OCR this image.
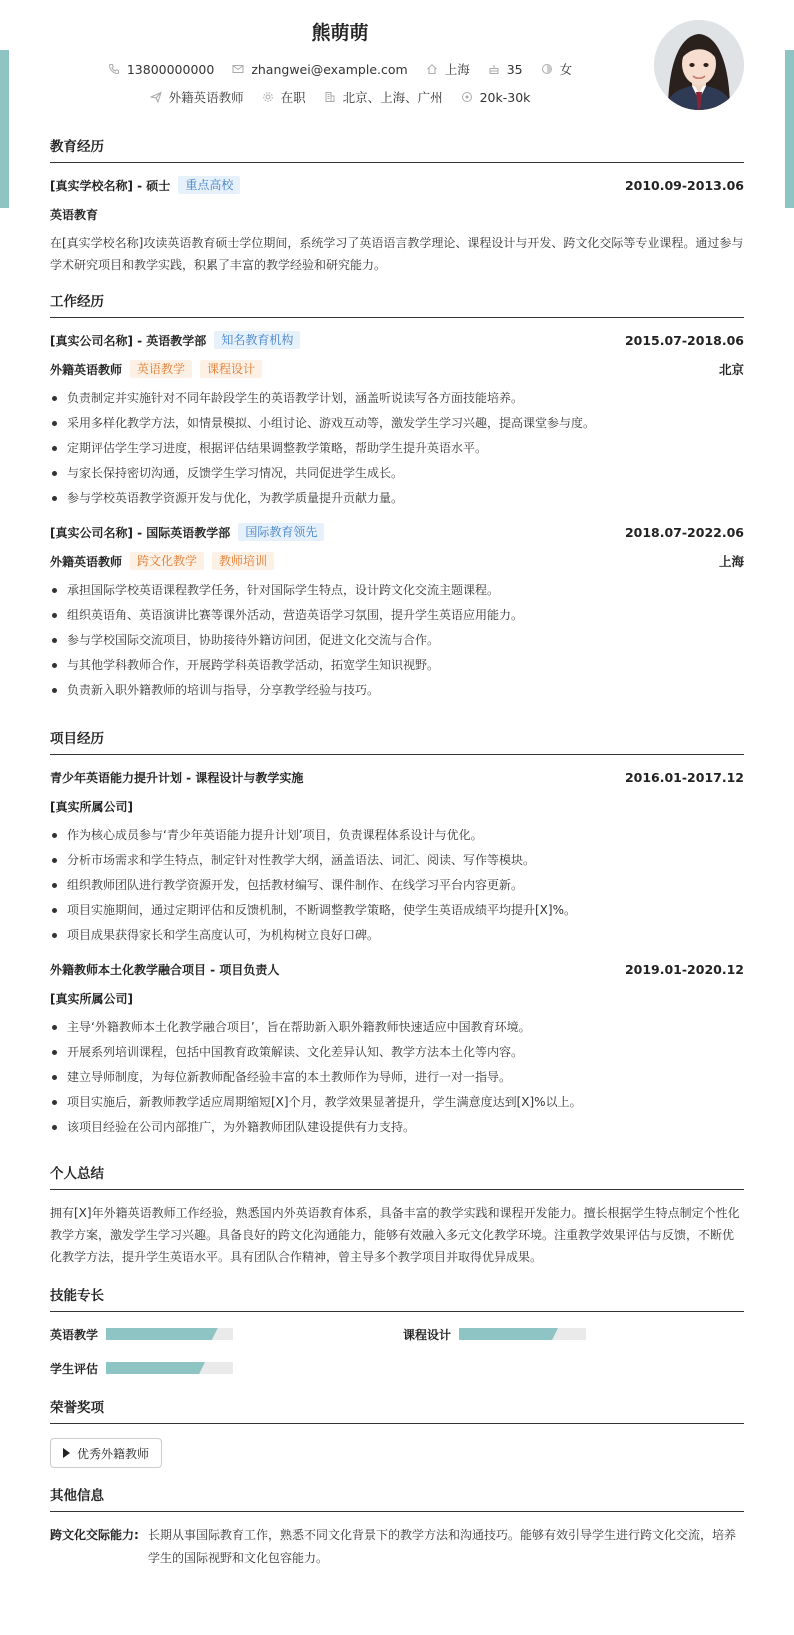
熊萌萌
13800000000	zhangwei@example.com	上海	35	女
外籍英语教师	在职	北京、上海、广州	20k-30k
教育经历
[真实学校名称] - 硕士	重点高校	2010.09-2013.06
英语教育
在[真实学校名称]攻读英语教育硕士学位期间，系统学习了英语语言教学理论、课程设计与开发、跨文化交际等专业课程。通过参与学术研究项目和教学实践，积累了丰富的教学经验和研究能力。
工作经历
[真实公司名称] - 英语教学部	知名教育机构	2015.07-2018.06
外籍英语教师	英语教学	课程设计	北京
负责制定并实施针对不同年龄段学生的英语教学计划，涵盖听说读写各方面技能培养。
采用多样化教学方法，如情景模拟、小组讨论、游戏互动等，激发学生学习兴趣，提高课堂参与度。
定期评估学生学习进度，根据评估结果调整教学策略，帮助学生提升英语水平。
与家长保持密切沟通，反馈学生学习情况，共同促进学生成长。
参与学校英语教学资源开发与优化，为教学质量提升贡献力量。
[真实公司名称] - 国际英语教学部	国际教育领先	2018.07-2022.06
外籍英语教师	跨文化教学	教师培训	上海
承担国际学校英语课程教学任务，针对国际学生特点，设计跨文化交流主题课程。
组织英语角、英语演讲比赛等课外活动，营造英语学习氛围，提升学生英语应用能力。
参与学校国际交流项目，协助接待外籍访问团，促进文化交流与合作。
与其他学科教师合作，开展跨学科英语教学活动，拓宽学生知识视野。
负责新入职外籍教师的培训与指导，分享教学经验与技巧。
项目经历
青少年英语能力提升计划 - 课程设计与教学实施	2016.01-2017.12
[真实所属公司]
作为核心成员参与‘青少年英语能力提升计划’项目，负责课程体系设计与优化。
分析市场需求和学生特点，制定针对性教学大纲，涵盖语法、词汇、阅读、写作等模块。
组织教师团队进行教学资源开发，包括教材编写、课件制作、在线学习平台内容更新。
项目实施期间，通过定期评估和反馈机制，不断调整教学策略，使学生英语成绩平均提升[X]%。
项目成果获得家长和学生高度认可，为机构树立良好口碑。
外籍教师本土化教学融合项目 - 项目负责人	2019.01-2020.12
[真实所属公司]
主导‘外籍教师本土化教学融合项目’，旨在帮助新入职外籍教师快速适应中国教育环境。
开展系列培训课程，包括中国教育政策解读、文化差异认知、教学方法本土化等内容。
建立导师制度，为每位新教师配备经验丰富的本土教师作为导师，进行一对一指导。
项目实施后，新教师教学适应周期缩短[X]个月，教学效果显著提升，学生满意度达到[X]%以上。
该项目经验在公司内部推广，为外籍教师团队建设提供有力支持。
个人总结
拥有[X]年外籍英语教师工作经验，熟悉国内外英语教育体系，具备丰富的教学实践和课程开发能力。擅长根据学生特点制定个性化教学方案，激发学生学习兴趣。具备良好的跨文化沟通能力，能够有效融入多元文化教学环境。注重教学效果评估与反馈，不断优化教学方法，提升学生英语水平。具有团队合作精神，曾主导多个教学项目并取得优异成果。
技能专长
英语教学	课程设计
学生评估
荣誉奖项
优秀外籍教师
其他信息
跨文化交际能力: 长期从事国际教育工作，熟悉不同文化背景下的教学方法和沟通技巧。能够有效引导学生进行跨文化交流，培养学生的国际视野和文化包容能力。
